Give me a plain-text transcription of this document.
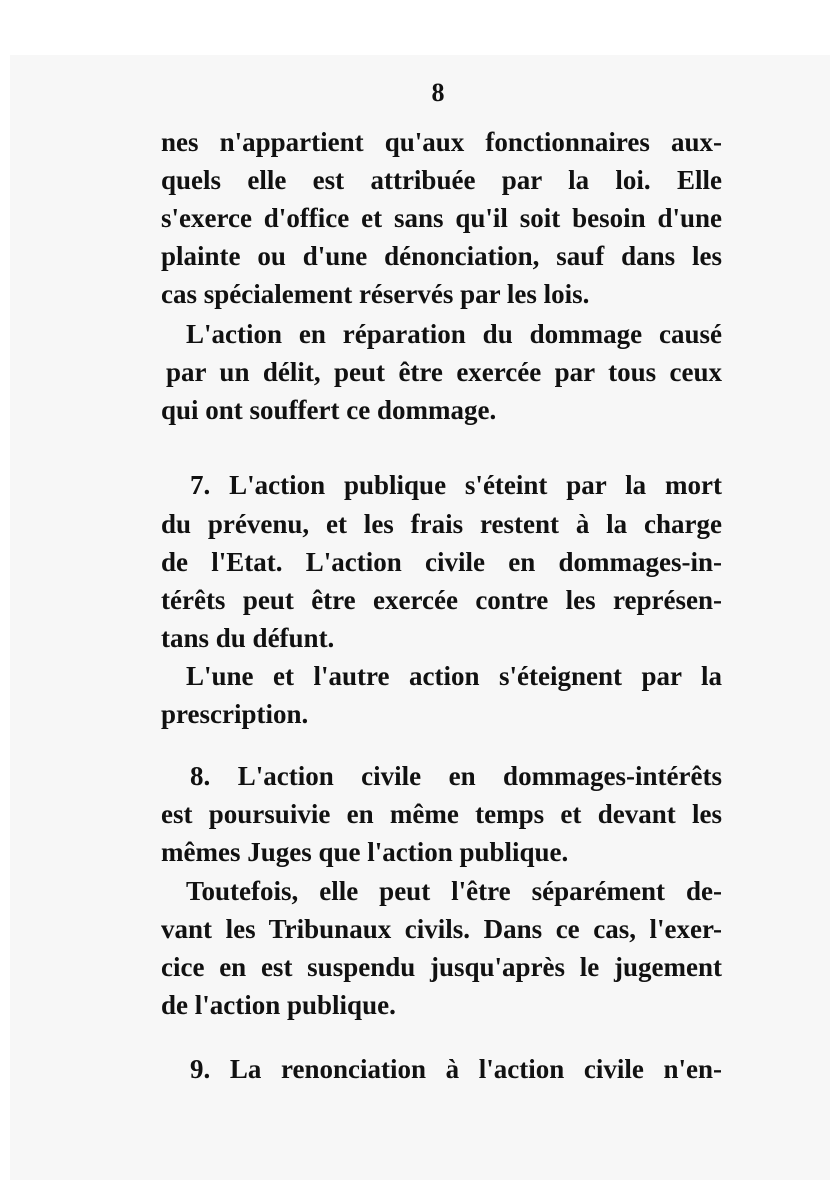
8
nes n'appartient qu'aux fonctionnaires aux-
quels elle est attribuée par la loi. Elle
s'exerce d'office et sans qu'il soit besoin d'une
plainte ou d'une dénonciation, sauf dans les
cas spécialement réservés par les lois.
L'action en réparation du dommage causé
par un délit, peut être exercée par tous ceux
qui ont souffert ce dommage.
7. L'action publique s'éteint par la mort
du prévenu, et les frais restent à la charge
de l'Etat. L'action civile en dommages-in-
térêts peut être exercée contre les représen-
tans du défunt.
L'une et l'autre action s'éteignent par la
prescription.
8. L'action civile en dommages-intérêts
est poursuivie en même temps et devant les
mêmes Juges que l'action publique.
Toutefois, elle peut l'être séparément de-
vant les Tribunaux civils. Dans ce cas, l'exer-
cice en est suspendu jusqu'après le jugement
de l'action publique.
9. La renonciation à l'action civile n'en-
